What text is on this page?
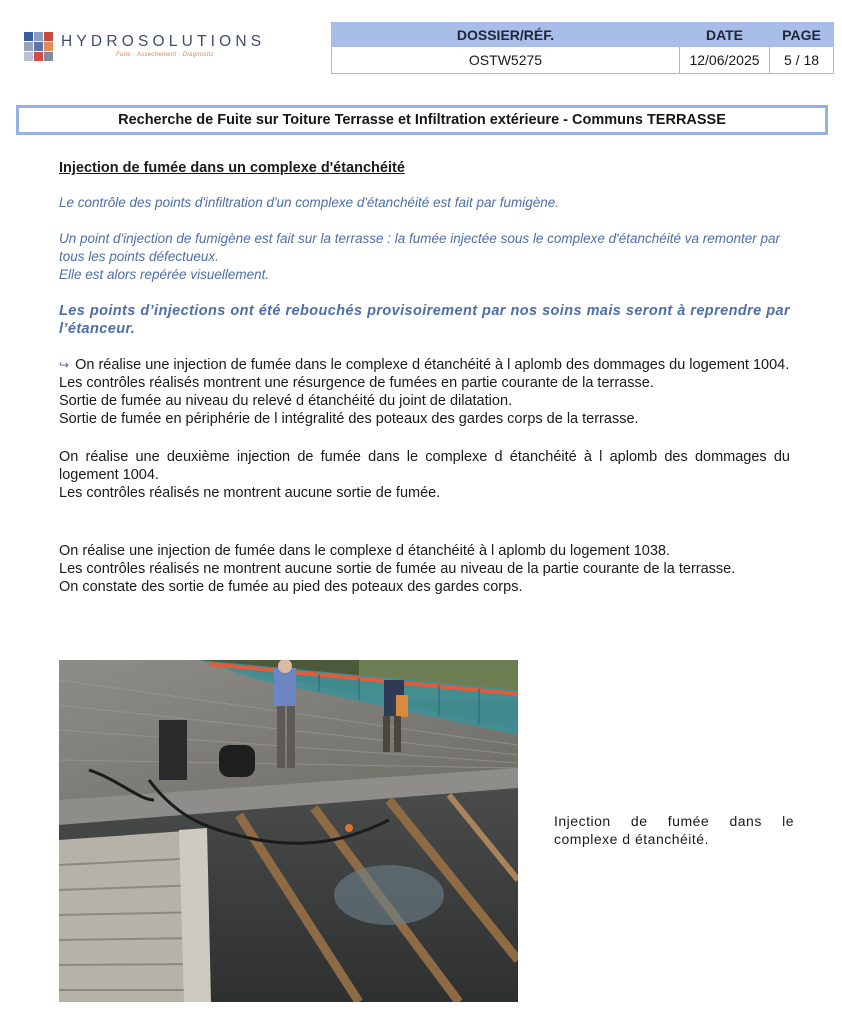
HYDROSOLUTIONS
Fuite · Assechement · Diagnostic
DOSSIER/RÉF.	DATE	PAGE
OSTW5275	12/06/2025	5 / 18
Recherche de Fuite sur Toiture Terrasse et Infiltration extérieure - Communs TERRASSE

Injection de fumée dans un complexe d'étanchéité

Le contrôle des points d'infiltration d'un complexe d'étanchéité est fait par fumigène.

Un point d'injection de fumigène est fait sur la terrasse : la fumée injectée sous le complexe d'étanchéité va remonter par tous les points défectueux.
Elle est alors repérée visuellement.

Les points d’injections ont été rebouchés provisoirement par nos soins mais seront à reprendre par l’étanceur.

↪ On réalise une injection de fumée dans le complexe d étanchéité à l aplomb des dommages du logement 1004.
Les contrôles réalisés montrent une résurgence de fumées en partie courante de la terrasse.
Sortie de fumée au niveau du relevé d étanchéité du joint de dilatation.
Sortie de fumée en périphérie de l intégralité des poteaux des gardes corps de la terrasse.

On réalise une deuxième injection de fumée dans le complexe d étanchéité à l aplomb des dommages du logement 1004.
Les contrôles réalisés ne montrent aucune sortie de fumée.

On réalise une injection de fumée dans le complexe d étanchéité à l aplomb du logement 1038.
Les contrôles réalisés ne montrent aucune sortie de fumée au niveau de la partie courante de la terrasse.
On constate des sortie de fumée au pied des poteaux des gardes corps.

Injection de fumée dans le complexe d étanchéité.
